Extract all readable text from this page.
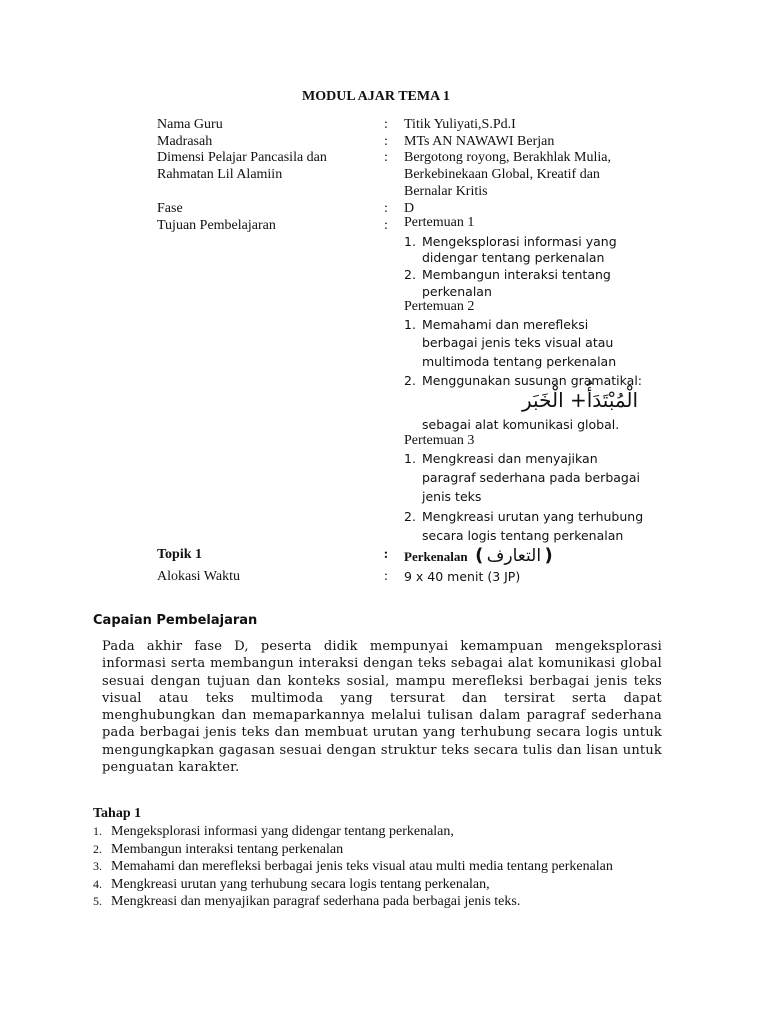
MODUL AJAR TEMA 1
Nama Guru	: Titik Yuliyati,S.Pd.I
Madrasah	: MTs AN NAWAWI Berjan
Dimensi Pelajar Pancasila dan
Rahmatan Lil Alamiin
: Bergotong royong, Berakhlak Mulia,
Berkebinekaan Global, Kreatif dan
Bernalar Kritis
Fase	: D
Tujuan Pembelajaran	: Pertemuan 1
1. Mengeksplorasi informasi yang
didengar tentang perkenalan
2. Membangun interaksi tentang
perkenalan
Pertemuan 2
1. Memahami dan merefleksi
berbagai jenis teks visual atau
multimoda tentang perkenalan
2. Menggunakan susunan gramatikal:
الْمُبْتَدَأُ+ الْخَبَر
sebagai alat komunikasi global.
Pertemuan 3
1. Mengkreasi dan menyajikan
paragraf sederhana pada berbagai
jenis teks
2. Mengkreasi urutan yang terhubung
secara logis tentang perkenalan
Topik 1	: Perkenalan ( التعارف )
Alokasi Waktu	: 9 x 40 menit (3 JP)
Capaian Pembelajaran
Pada akhir fase D, peserta didik mempunyai kemampuan mengeksplorasi informasi serta membangun interaksi dengan teks sebagai alat komunikasi global sesuai dengan tujuan dan konteks sosial, mampu merefleksi berbagai jenis teks visual atau teks multimoda yang tersurat dan tersirat serta dapat menghubungkan dan memaparkannya melalui tulisan dalam paragraf sederhana pada berbagai jenis teks dan membuat urutan yang terhubung secara logis untuk mengungkapkan gagasan sesuai dengan struktur teks secara tulis dan lisan untuk penguatan karakter.
Tahap 1
1. Mengeksplorasi informasi yang didengar tentang perkenalan,
2. Membangun interaksi tentang perkenalan
3. Memahami dan merefleksi berbagai jenis teks visual atau multi media tentang perkenalan
4. Mengkreasi urutan yang terhubung secara logis tentang perkenalan,
5. Mengkreasi dan menyajikan paragraf sederhana pada berbagai jenis teks.
